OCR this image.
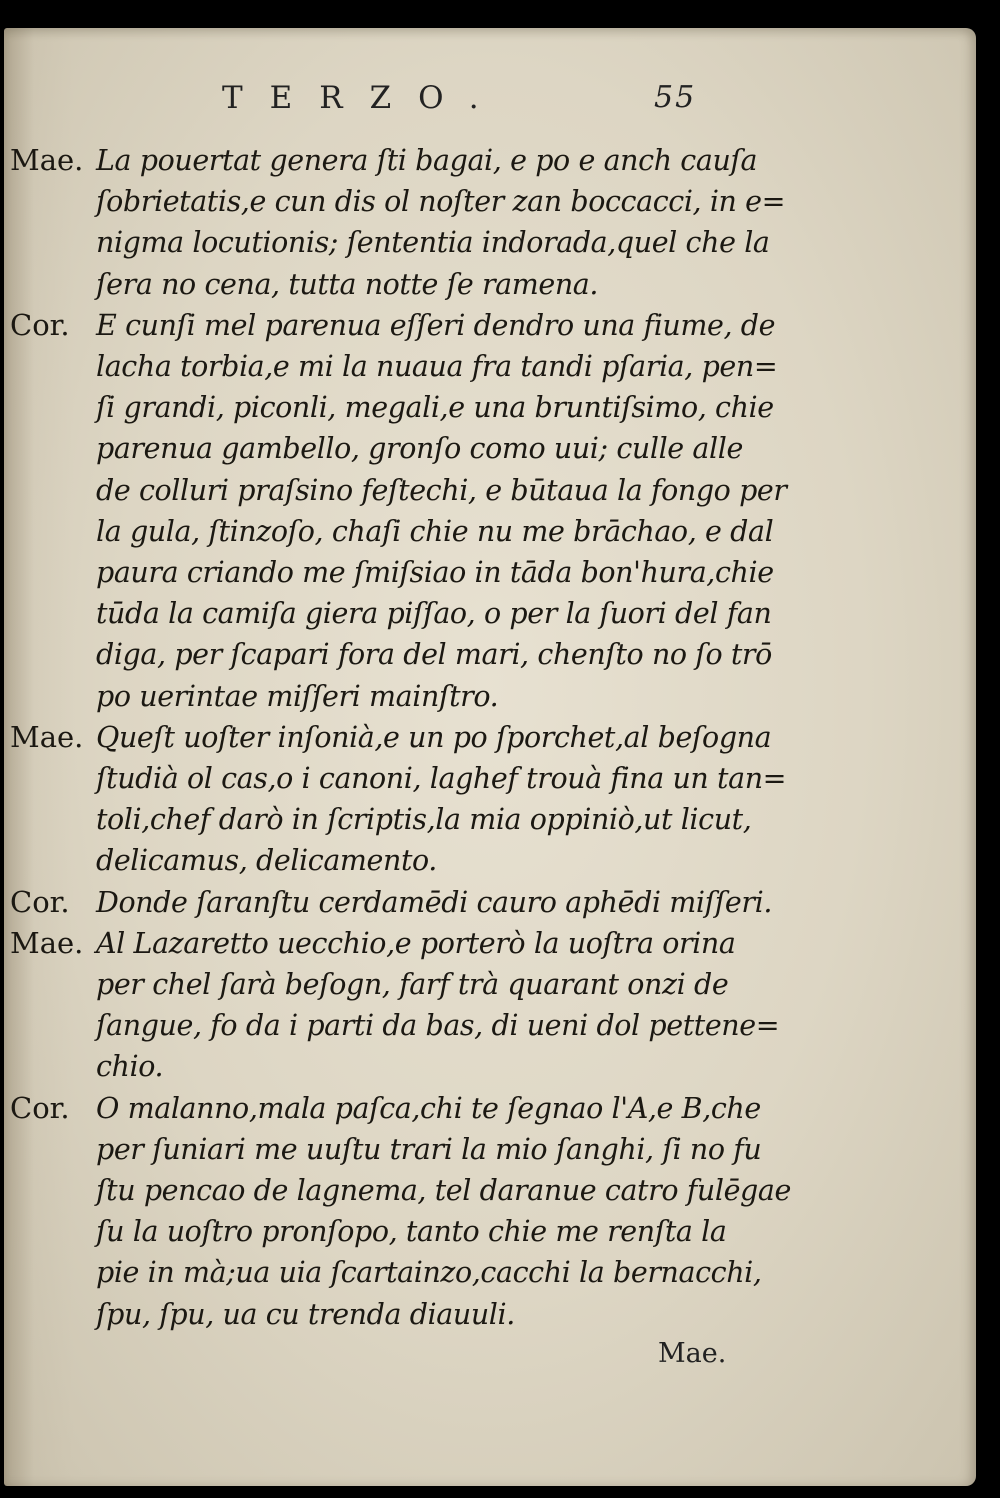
TERZO.	55
Mae. La pouertat genera ſti bagai, e po e anch cauſa
ſobrietatis,e cun dis ol noſter zan boccacci, in e=
nigma locutionis; ſententia indorada,quel che la
ſera no cena, tutta notte ſe ramena.
Cor. E cunſi mel parenua eſſeri dendro una fiume, de
lacha torbia,e mi la nuaua fra tandi pſaria, pen=
ſi grandi, piconli, megali,e una bruntiſsimo, chie
parenua gambello, gronſo como uui; culle alle
de colluri praſsino feſtechi, e būtaua la fongo per
la gula, ſtinzoſo, chaſi chie nu me brāchao, e dal
paura criando me ſmiſsiao in tāda bon'hura,chie
tūda la camiſa giera piſſao, o per la ſuori del fan
diga, per ſcapari fora del mari, chenſto no ſo trō
po uerintae miſſeri mainſtro.
Mae. Queſt uoſter inſonià,e un po ſporchet,al beſogna
ſtudià ol cas,o i canoni, laghef trouà fina un tan=
toli,chef darò in ſcriptis,la mia oppiniò,ut licut,
delicamus, delicamento.
Cor. Donde ſaranſtu cerdamēdi cauro aphēdi miſſeri.
Mae. Al Lazaretto uecchio,e porterò la uoſtra orina
per chel ſarà beſogn, farf trà quarant onzi de
ſangue, fo da i parti da bas, di ueni dol pettene=
chio.
Cor. O malanno,mala paſca,chi te ſegnao l'A,e B,che
per ſuniari me uuſtu trari la mio ſanghi, ſi no fu
ſtu pencao de lagnema, tel daranue catro fulēgae
ſu la uoſtro pronſopo, tanto chie me renſta la
pie in mà;ua uia ſcartainzo,cacchi la bernacchi,
ſpu, ſpu, ua cu trenda diauuli.
Mae.
